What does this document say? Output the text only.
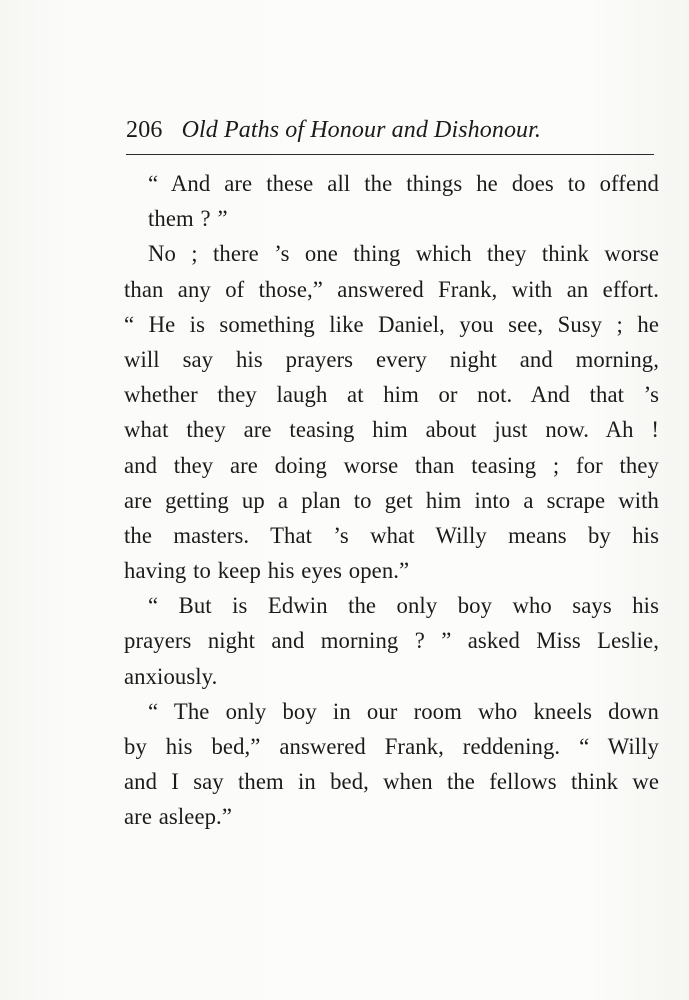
206 Old Paths of Honour and Dishonour.
“ And are these all the things he does to offend
them ? ”
No ; there ’s one thing which they think worse
than any of those,” answered Frank, with an effort.
“ He is something like Daniel, you see, Susy ; he
will say his prayers every night and morning,
whether they laugh at him or not. And that ’s
what they are teasing him about just now. Ah !
and they are doing worse than teasing ; for they
are getting up a plan to get him into a scrape with
the masters. That ’s what Willy means by his
having to keep his eyes open.”
“ But is Edwin the only boy who says his
prayers night and morning ? ” asked Miss Leslie,
anxiously.
“ The only boy in our room who kneels down
by his bed,” answered Frank, reddening. “ Willy
and I say them in bed, when the fellows think we
are asleep.”
